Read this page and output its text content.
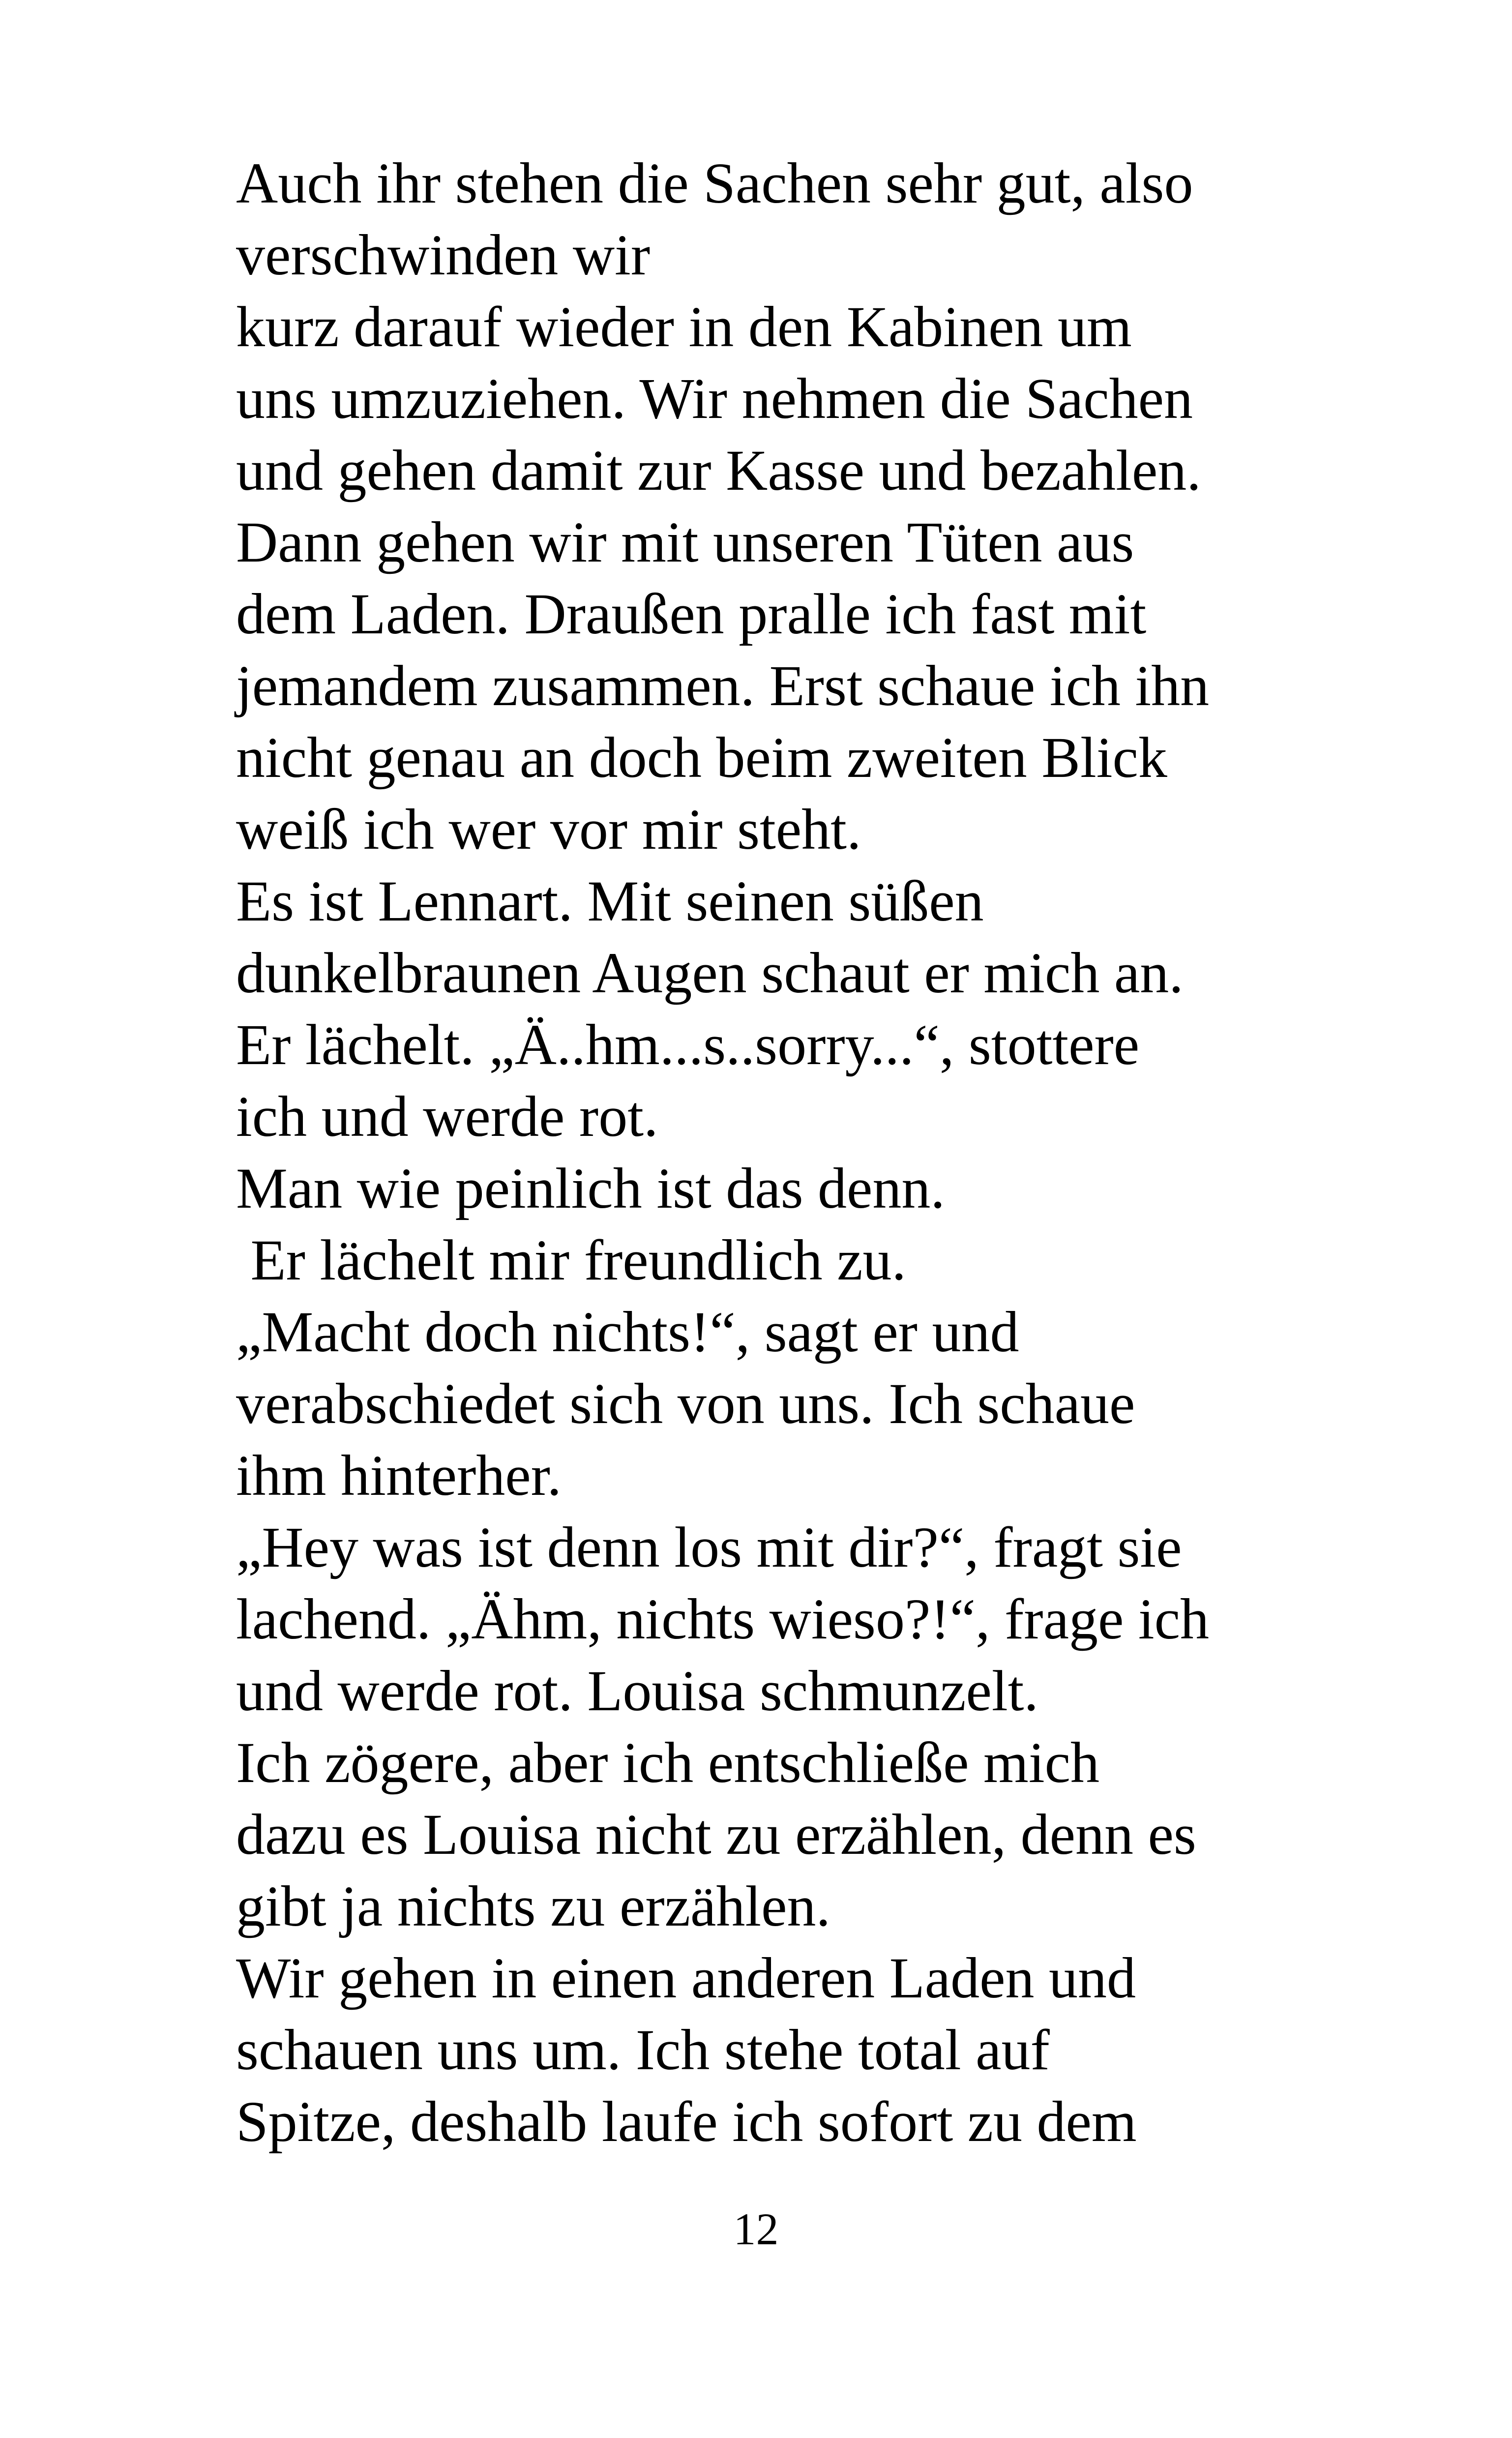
Auch ihr stehen die Sachen sehr gut, also
verschwinden wir
kurz darauf wieder in den Kabinen um
uns umzuziehen. Wir nehmen die Sachen
und gehen damit zur Kasse und bezahlen.
Dann gehen wir mit unseren Tüten aus
dem Laden. Draußen pralle ich fast mit
jemandem zusammen. Erst schaue ich ihn
nicht genau an doch beim zweiten Blick
weiß ich wer vor mir steht.
Es ist Lennart. Mit seinen süßen
dunkelbraunen Augen schaut er mich an.
Er lächelt. „Ä..hm...s..sorry...“, stottere
ich und werde rot.
Man wie peinlich ist das denn.
Er lächelt mir freundlich zu.
„Macht doch nichts!“, sagt er und
verabschiedet sich von uns. Ich schaue
ihm hinterher.
„Hey was ist denn los mit dir?“, fragt sie
lachend. „Ähm, nichts wieso?!“, frage ich
und werde rot. Louisa schmunzelt.
Ich zögere, aber ich entschließe mich
dazu es Louisa nicht zu erzählen, denn es
gibt ja nichts zu erzählen.
Wir gehen in einen anderen Laden und
schauen uns um. Ich stehe total auf
Spitze, deshalb laufe ich sofort zu dem
12
